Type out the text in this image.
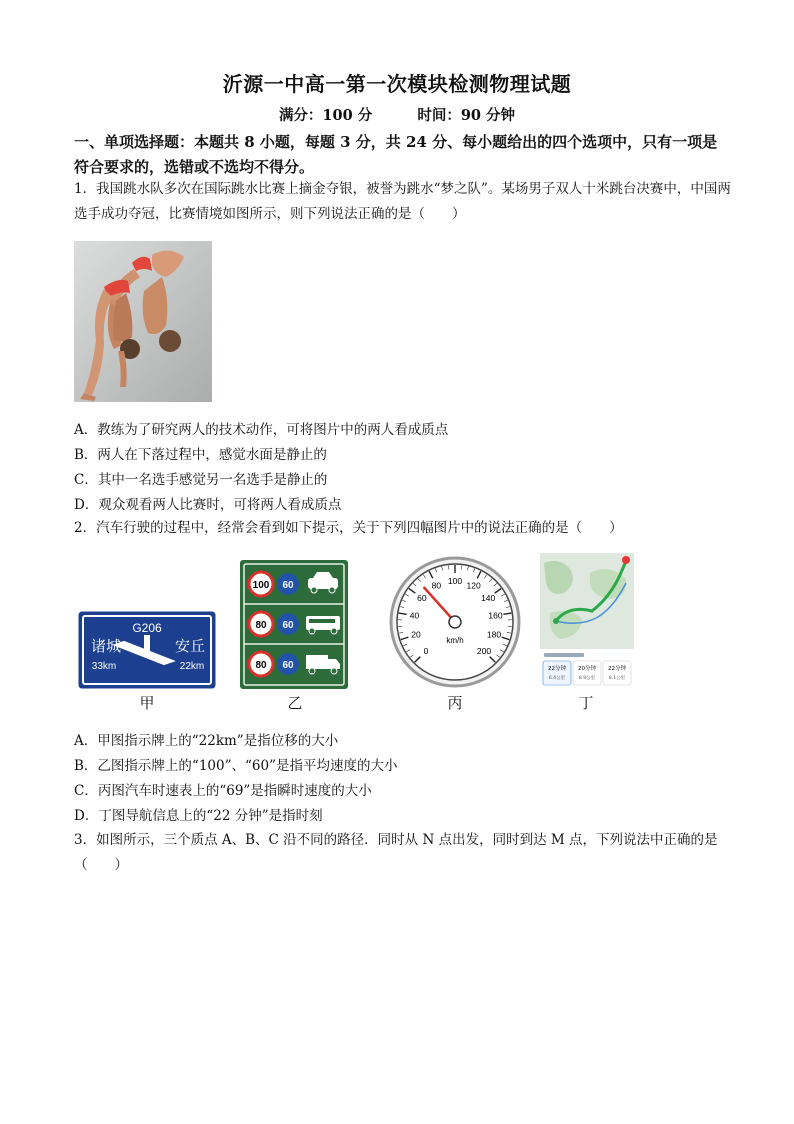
沂源一中高一第一次模块检测物理试题
满分：100 分	时间：90 分钟
一、单项选择题：本题共 8 小题，每题 3 分，共 24 分、每小题给出的四个选项中，只有一项是符合要求的，选错或不选均不得分。
1．我国跳水队多次在国际跳水比赛上摘金夺银，被誉为跳水“梦之队”。某场男子双人十米跳台决赛中，中国两选手成功夺冠，比赛情境如图所示，则下列说法正确的是（　　）
A．教练为了研究两人的技术动作，可将图片中的两人看成质点
B．两人在下落过程中，感觉水面是静止的
C．其中一名选手感觉另一名选手是静止的
D．观众观看两人比赛时，可将两人看成质点
2．汽车行驶的过程中，经常会看到如下提示，关于下列四幅图片中的说法正确的是（　　）
G206
诸城
33km
安丘
22km
100 60
80 60
80 60
0
20
40
60
80 100 120
140
160
180
200
km/h
22分钟
6.4公里
20分钟
8.9公里
22分钟
8.1公里
甲	乙	丙	丁
A．甲图指示牌上的“22km”是指位移的大小
B．乙图指示牌上的“100”、“60”是指平均速度的大小
C．丙图汽车时速表上的“69”是指瞬时速度的大小
D．丁图导航信息上的“22 分钟”是指时刻
3．如图所示，三个质点 A、B、C 沿不同的路径．同时从 N 点出发，同时到达 M 点，下列说法中正确的是（　　）
